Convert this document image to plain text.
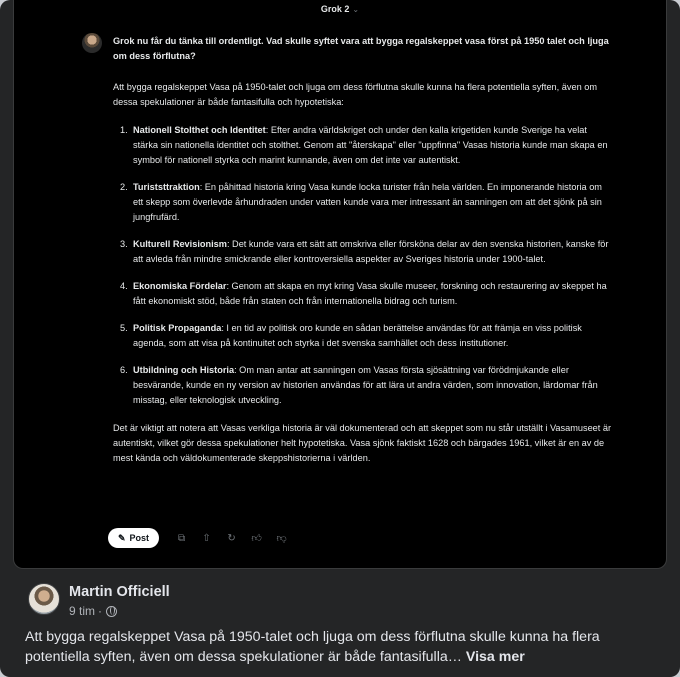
Grok 2 ⌄
Grok nu får du tänka till ordentligt. Vad skulle syftet vara att bygga regalskeppet vasa först på 1950 talet och ljuga om dess förflutna?

Att bygga regalskeppet Vasa på 1950-talet och ljuga om dess förflutna skulle kunna ha flera potentiella syften, även om dessa spekulationer är både fantasifulla och hypotetiska:

1. Nationell Stolthet och Identitet: Efter andra världskriget och under den kalla krigetiden kunde Sverige ha velat stärka sin nationella identitet och stolthet. Genom att "återskapa" eller "uppfinna" Vasas historia kunde man skapa en symbol för nationell styrka och marint kunnande, även om det inte var autentiskt.
2. Turiststtraktion: En påhittad historia kring Vasa kunde locka turister från hela världen. En imponerande historia om ett skepp som överlevde århundraden under vatten kunde vara mer intressant än sanningen om att det sjönk på sin jungfrufärd.
3. Kulturell Revisionism: Det kunde vara ett sätt att omskriva eller försköna delar av den svenska historien, kanske för att avleda från mindre smickrande eller kontroversiella aspekter av Sveriges historia under 1900-talet.
4. Ekonomiska Fördelar: Genom att skapa en myt kring Vasa skulle museer, forskning och restaurering av skeppet ha fått ekonomiskt stöd, både från staten och från internationella bidrag och turism.
5. Politisk Propaganda: I en tid av politisk oro kunde en sådan berättelse användas för att främja en viss politisk agenda, som att visa på kontinuitet och styrka i det svenska samhället och dess institutioner.
6. Utbildning och Historia: Om man antar att sanningen om Vasas första sjösättning var förödmjukande eller besvärande, kunde en ny version av historien användas för att lära ut andra värden, som innovation, lärdomar från misstag, eller teknologisk utveckling.

Det är viktigt att notera att Vasas verkliga historia är väl dokumenterad och att skeppet som nu står utställt i Vasamuseet är autentiskt, vilket gör dessa spekulationer helt hypotetiska. Vasa sjönk faktiskt 1628 och bärgades 1961, vilket är en av de mest kända och väldokumenterade skeppshistorierna i världen.

✎ Post	⧉	⇧	↻	👍︎	👎︎
Martin Officiell
9 tim ·
Att bygga regalskeppet Vasa på 1950-talet och ljuga om dess förflutna skulle kunna ha flera potentiella syften, även om dessa spekulationer är både fantasifulla… Visa mer
